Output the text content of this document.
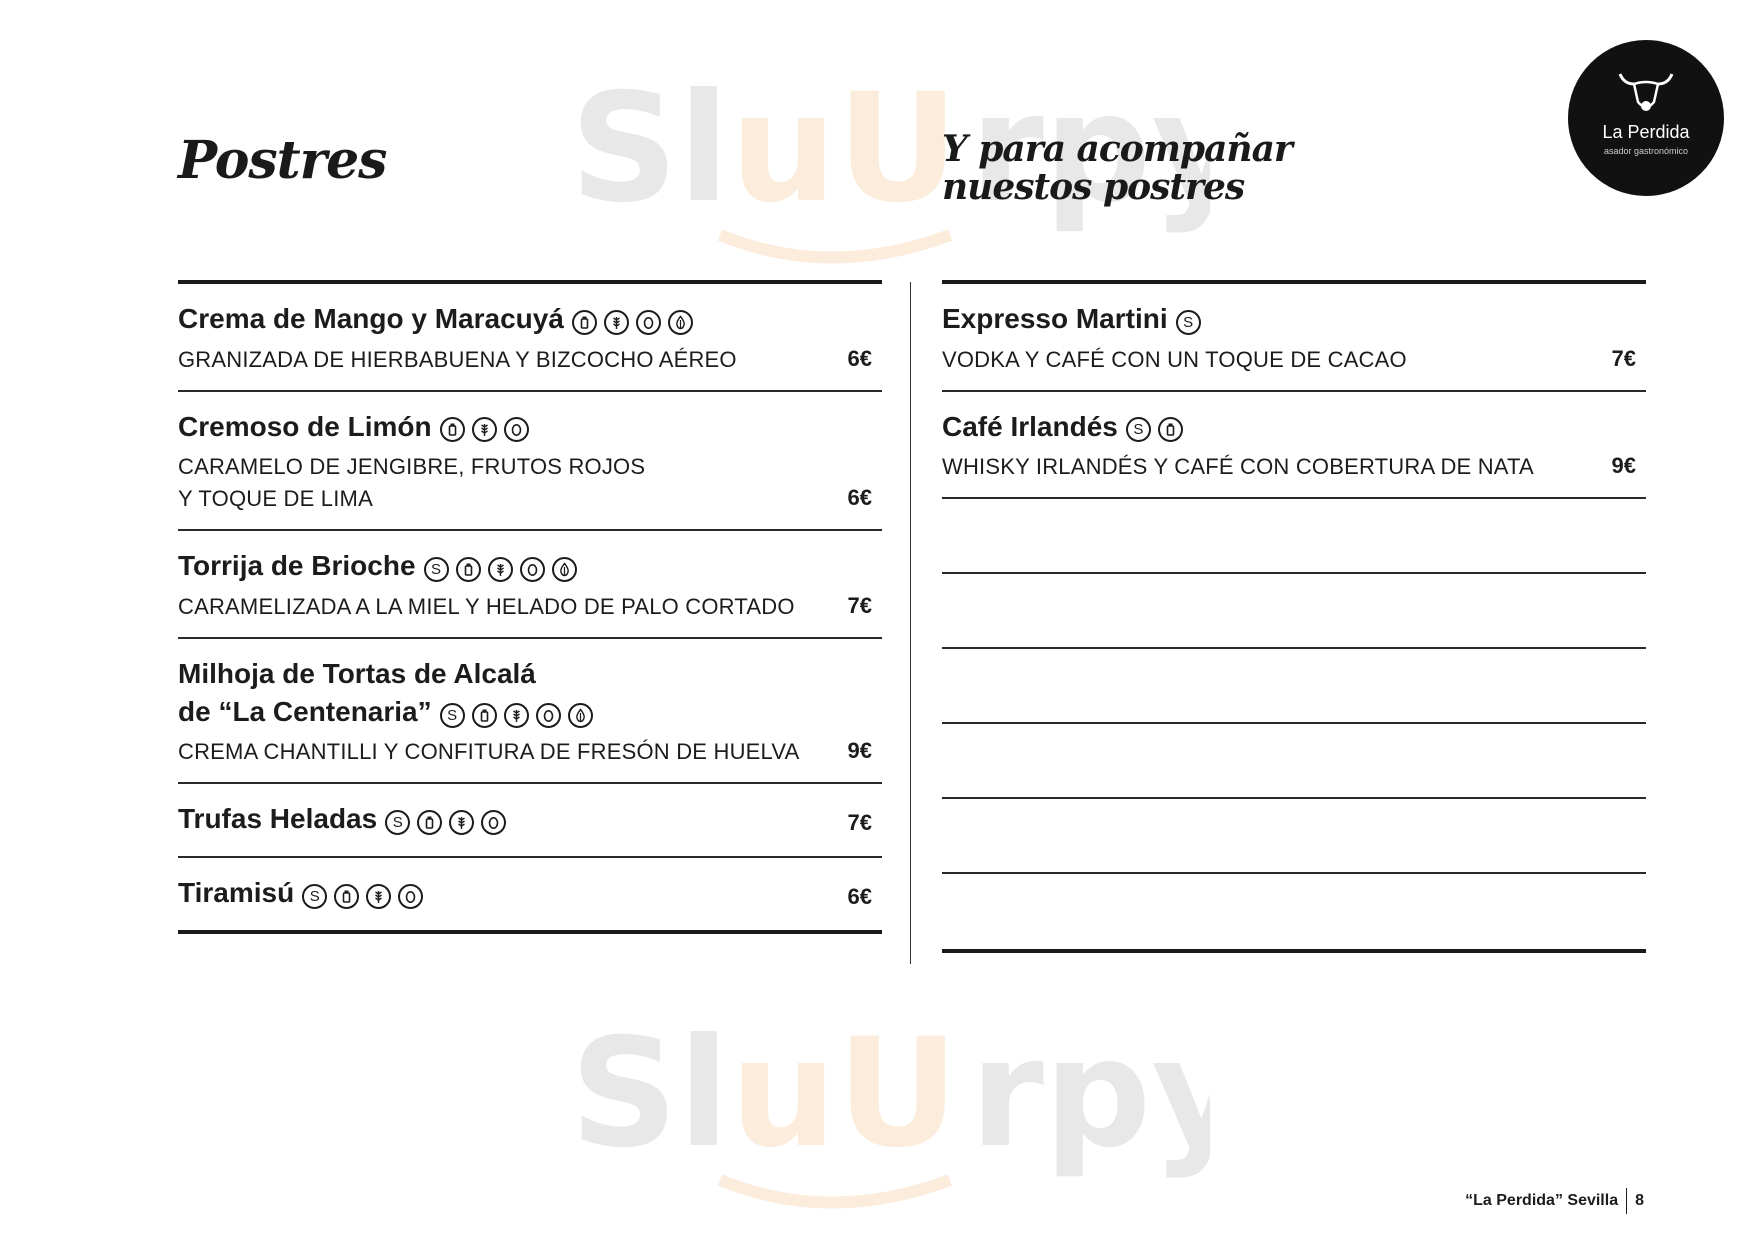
Sl uU rpy
Sl uU rpy
Postres	Y para acompañar
nuestos postres
La Perdida
asador gastronómico
Crema de Mango y Maracuyá
GRANIZADA DE HIERBABUENA Y BIZCOCHO AÉREO	6€
Cremoso de Limón
CARAMELO DE JENGIBRE, FRUTOS ROJOS
Y TOQUE DE LIMA	6€
Torrija de Brioche S
CARAMELIZADA A LA MIEL Y HELADO DE PALO CORTADO	7€
Milhoja de Tortas de Alcalá
de “La Centenaria” S
CREMA CHANTILLI Y CONFITURA DE FRESÓN DE HUELVA	9€
Trufas Heladas S	7€
Tiramisú S	6€
Expresso Martini S
VODKA Y CAFÉ CON UN TOQUE DE CACAO	7€
Café Irlandés S
WHISKY IRLANDÉS Y CAFÉ CON COBERTURA DE NATA	9€
“La Perdida” Sevilla 8
